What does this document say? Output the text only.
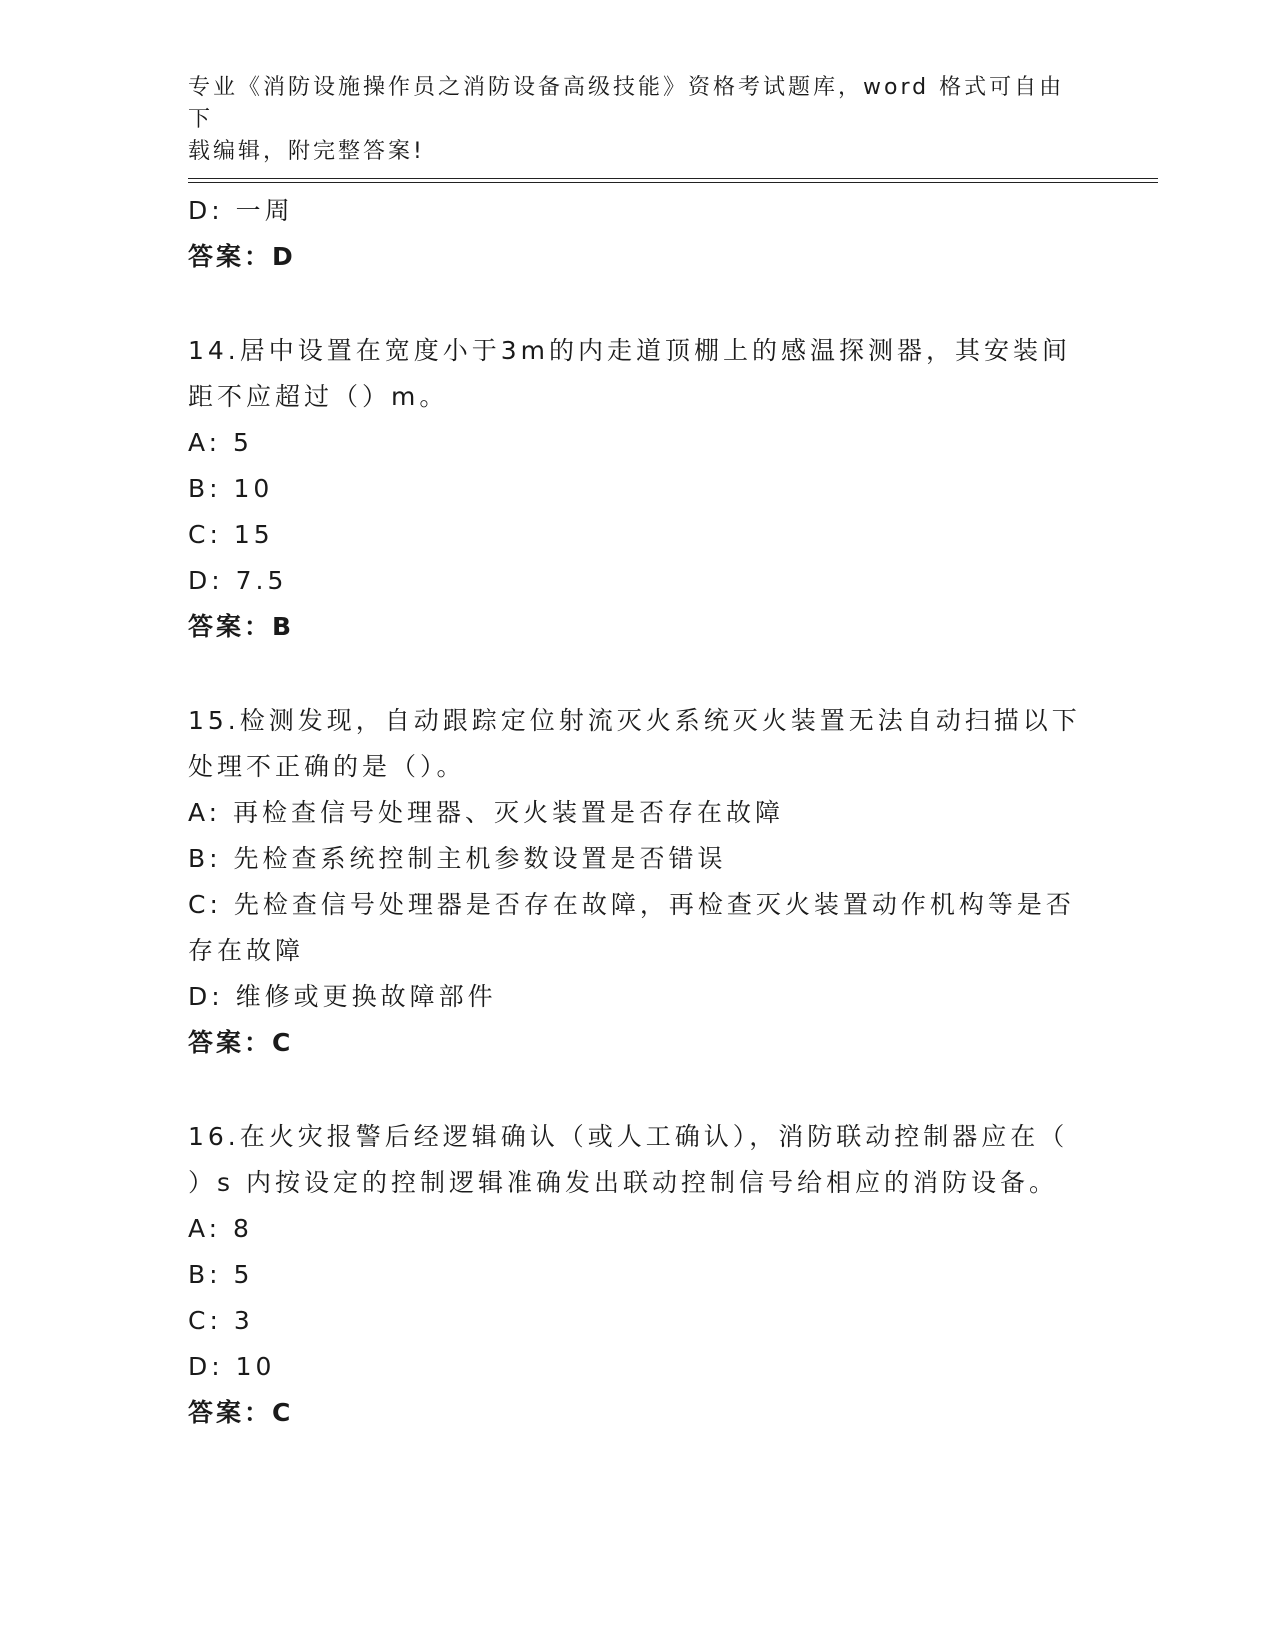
专业《消防设施操作员之消防设备高级技能》资格考试题库，word 格式可自由下
载编辑，附完整答案!
D: 一周
答案：D
14.居中设置在宽度小于3m的内走道顶棚上的感温探测器，其安装间
距不应超过（）m。
A: 5
B: 10
C: 15
D: 7.5
答案：B
15.检测发现，自动跟踪定位射流灭火系统灭火装置无法自动扫描以下
处理不正确的是（）。
A: 再检查信号处理器、灭火装置是否存在故障
B: 先检查系统控制主机参数设置是否错误
C: 先检查信号处理器是否存在故障，再检查灭火装置动作机构等是否
存在故障
D: 维修或更换故障部件
答案：C
16.在火灾报警后经逻辑确认（或人工确认），消防联动控制器应在（
）s 内按设定的控制逻辑准确发出联动控制信号给相应的消防设备。
A: 8
B: 5
C: 3
D: 10
答案：C
